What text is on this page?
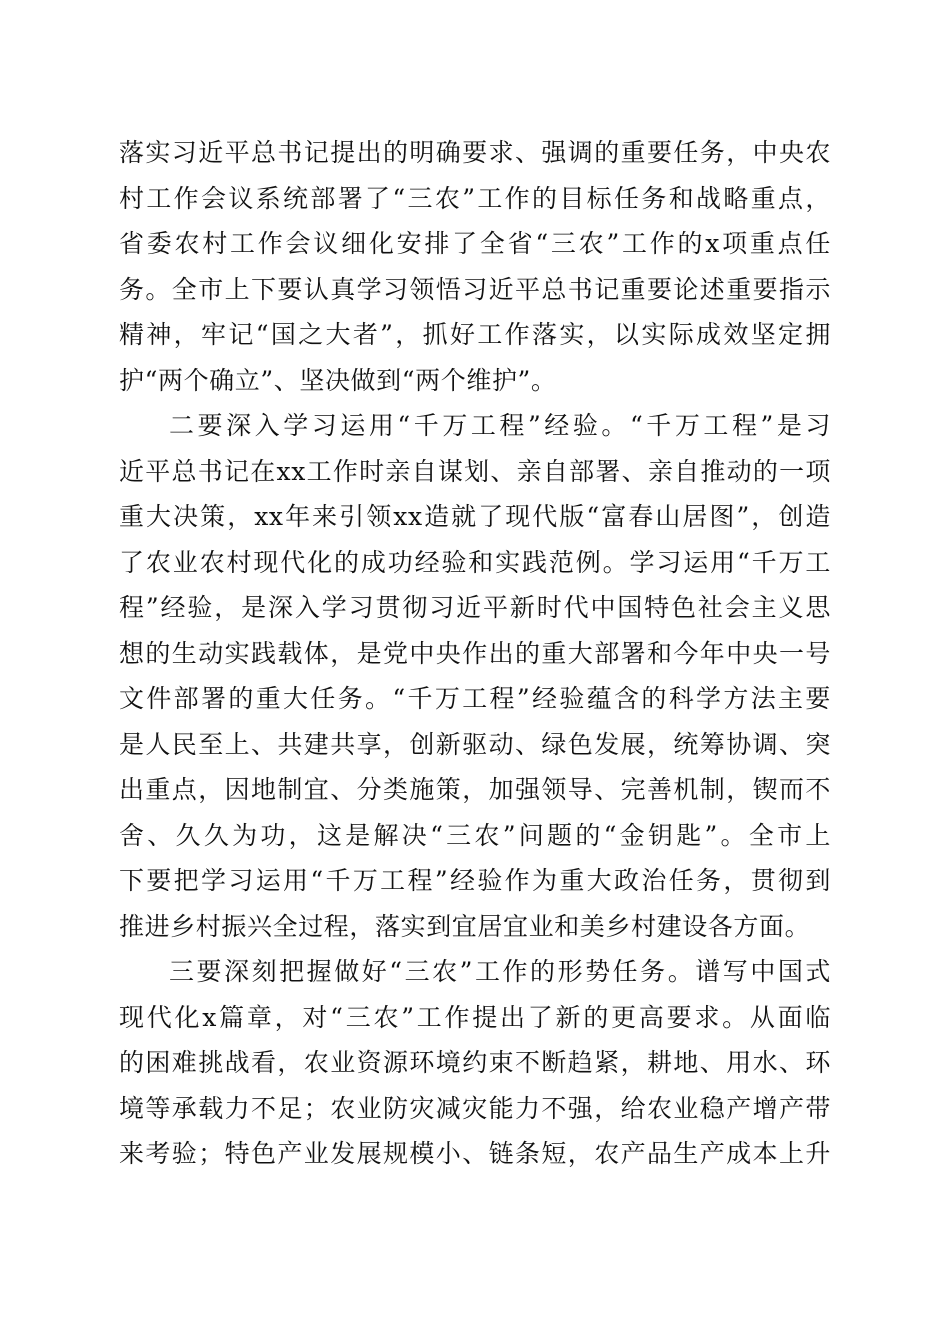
落实习近平总书记提出的明确要求、强调的重要任务，中央农
村工作会议系统部署了“三农”工作的目标任务和战略重点，
省委农村工作会议细化安排了全省“三农”工作的x项重点任
务。全市上下要认真学习领悟习近平总书记重要论述重要指示
精神，牢记“国之大者”，抓好工作落实，以实际成效坚定拥
护“两个确立”、坚决做到“两个维护”。
二要深入学习运用“千万工程”经验。“千万工程”是习
近平总书记在xx工作时亲自谋划、亲自部署、亲自推动的一项
重大决策，xx年来引领xx造就了现代版“富春山居图”，创造
了农业农村现代化的成功经验和实践范例。学习运用“千万工
程”经验，是深入学习贯彻习近平新时代中国特色社会主义思
想的生动实践载体，是党中央作出的重大部署和今年中央一号
文件部署的重大任务。“千万工程”经验蕴含的科学方法主要
是人民至上、共建共享，创新驱动、绿色发展，统筹协调、突
出重点，因地制宜、分类施策，加强领导、完善机制，锲而不
舍、久久为功，这是解决“三农”问题的“金钥匙”。全市上
下要把学习运用“千万工程”经验作为重大政治任务，贯彻到
推进乡村振兴全过程，落实到宜居宜业和美乡村建设各方面。
三要深刻把握做好“三农”工作的形势任务。谱写中国式
现代化x篇章，对“三农”工作提出了新的更高要求。从面临
的困难挑战看，农业资源环境约束不断趋紧，耕地、用水、环
境等承载力不足；农业防灾减灾能力不强，给农业稳产增产带
来考验；特色产业发展规模小、链条短，农产品生产成本上升
